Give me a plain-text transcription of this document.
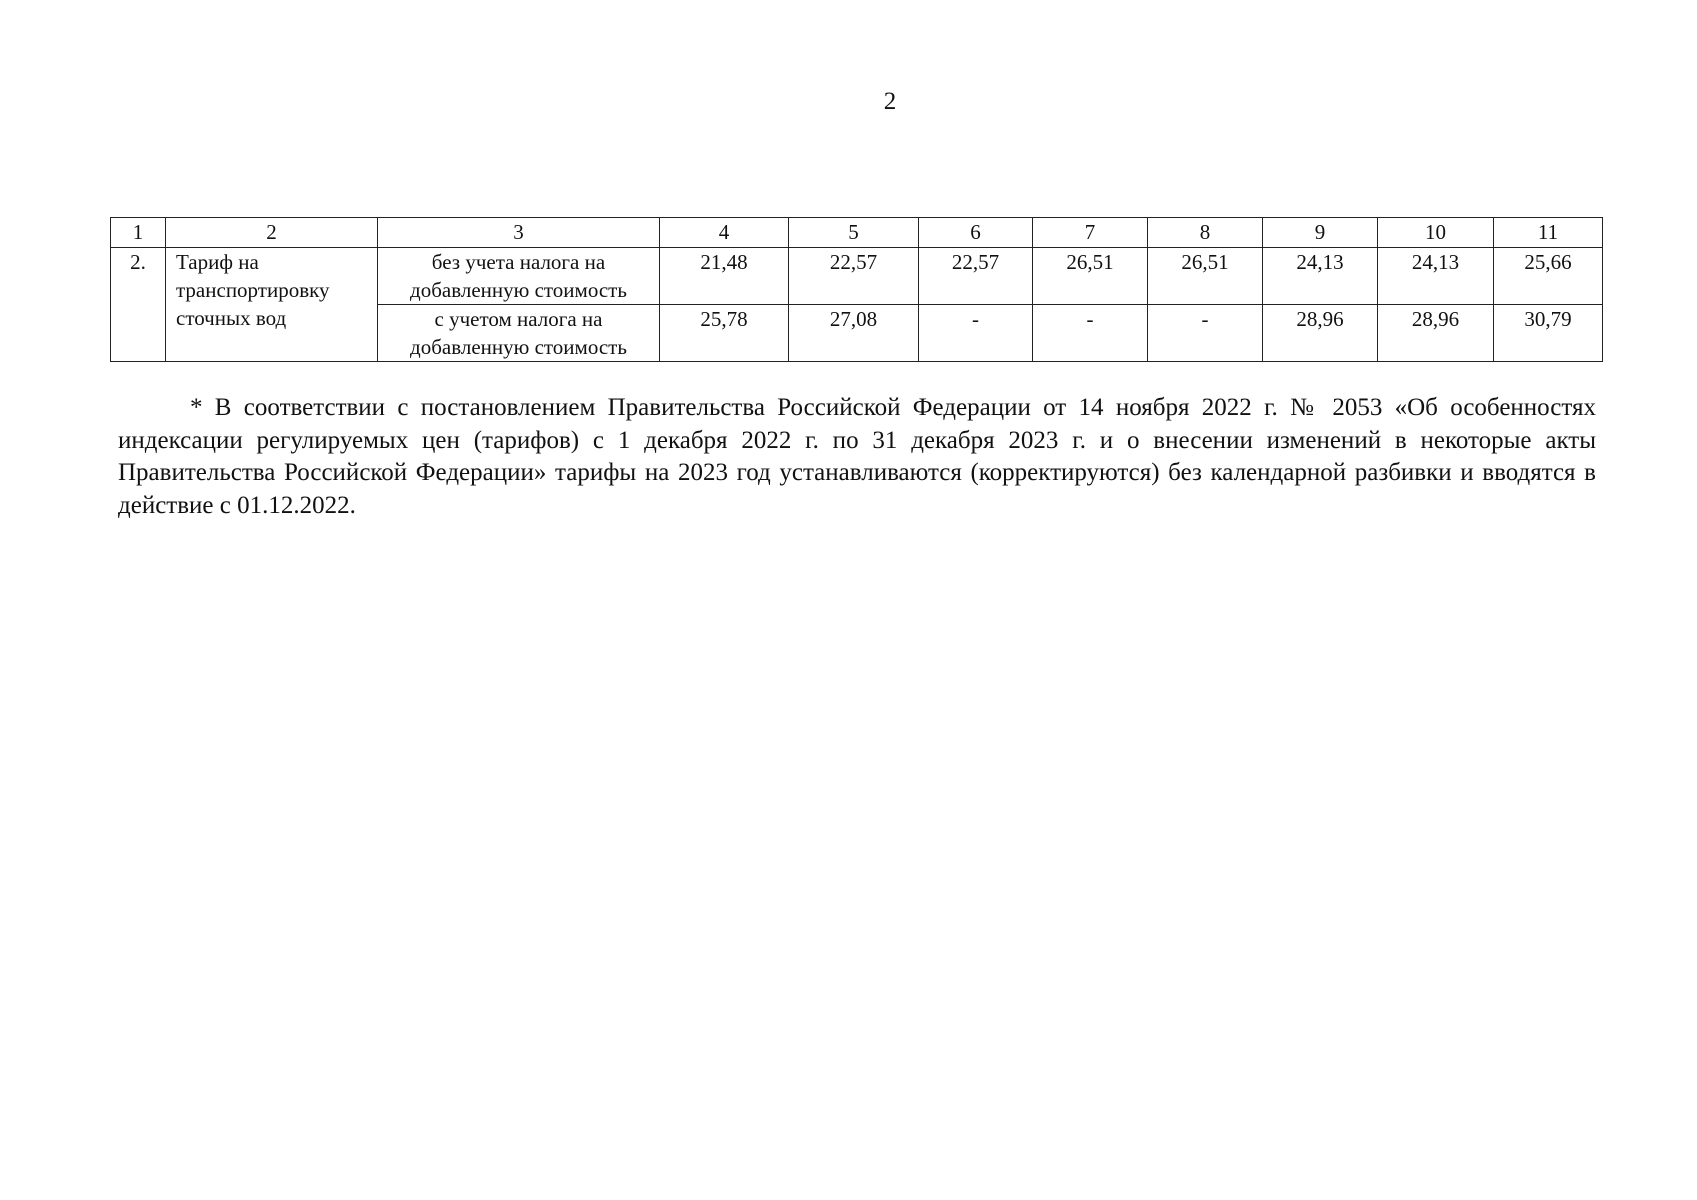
2
1	2	3	4	5	6	7	8	9	10	11
2.	Тариф на транспортировку сточных вод	без учета налога на добавленную стоимость	21,48	22,57	22,57	26,51	26,51	24,13	24,13	25,66
		с учетом налога на добавленную стоимость	25,78	27,08	-	-	-	28,96	28,96	30,79

* В соответствии с постановлением Правительства Российской Федерации от 14 ноября 2022 г. № 2053 «Об особенностях индексации регулируемых цен (тарифов) с 1 декабря 2022 г. по 31 декабря 2023 г. и о внесении изменений в некоторые акты Правительства Российской Федерации» тарифы на 2023 год устанавливаются (корректируются) без календарной разбивки и вводятся в действие с 01.12.2022.
